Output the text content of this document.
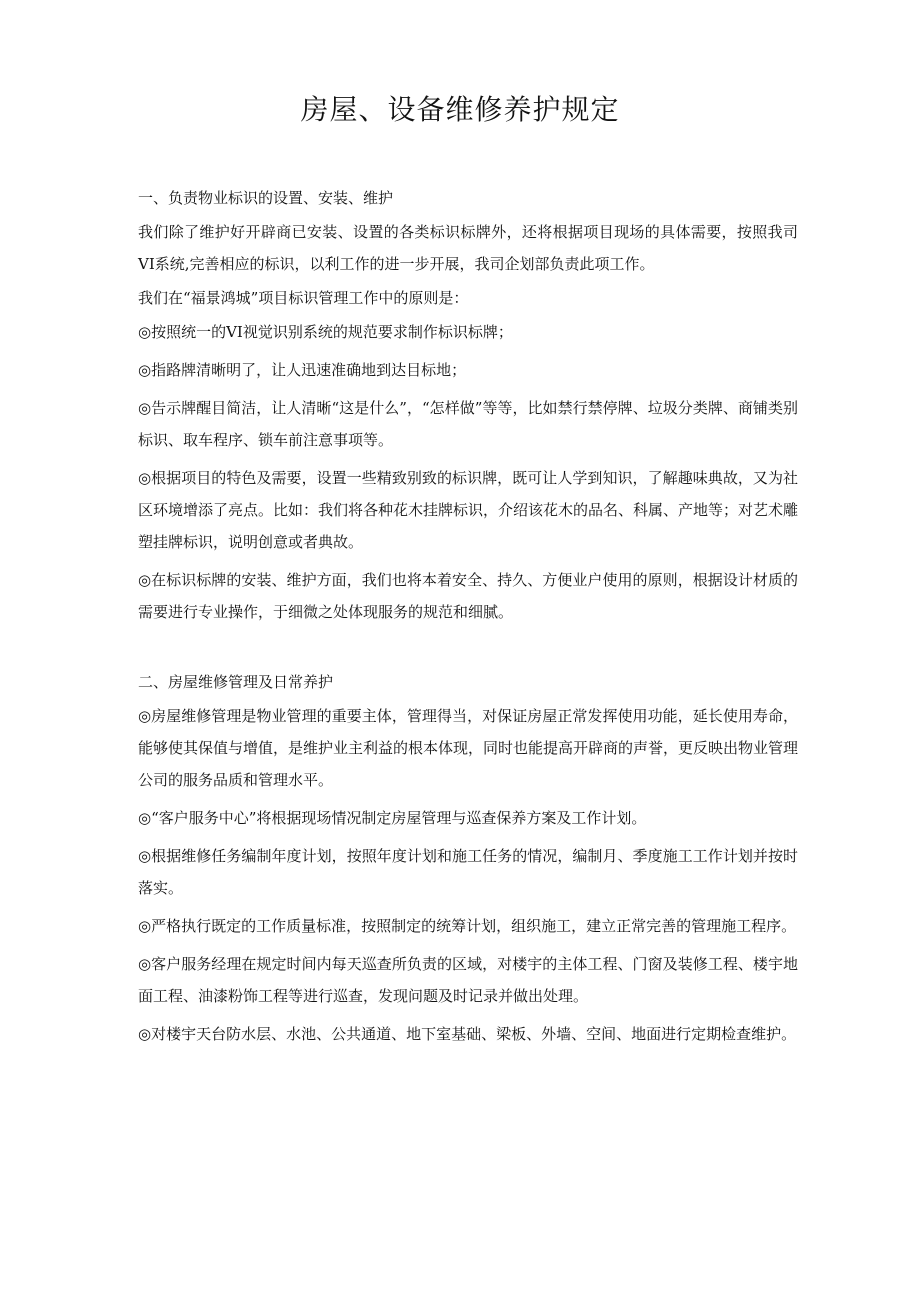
房屋、设备维修养护规定

一、负责物业标识的设置、安装、维护

我们除了维护好开辟商已安装、设置的各类标识标牌外，还将根据项目现场的具体需要，按照我司VI系统,完善相应的标识，以利工作的进一步开展，我司企划部负责此项工作。

我们在“福景鸿城”项目标识管理工作中的原则是：

◎按照统一的VI视觉识别系统的规范要求制作标识标牌；

◎指路牌清晰明了，让人迅速准确地到达目标地；

◎告示牌醒目简洁，让人清晰“这是什么”，“怎样做”等等，比如禁行禁停牌、垃圾分类牌、商铺类别标识、取车程序、锁车前注意事项等。

◎根据项目的特色及需要，设置一些精致别致的标识牌，既可让人学到知识，了解趣味典故，又为社区环境增添了亮点。比如：我们将各种花木挂牌标识，介绍该花木的品名、科属、产地等；对艺术雕塑挂牌标识，说明创意或者典故。

◎在标识标牌的安装、维护方面，我们也将本着安全、持久、方便业户使用的原则，根据设计材质的需要进行专业操作，于细微之处体现服务的规范和细腻。

二、房屋维修管理及日常养护

◎房屋维修管理是物业管理的重要主体，管理得当，对保证房屋正常发挥使用功能，延长使用寿命，能够使其保值与增值，是维护业主利益的根本体现，同时也能提高开辟商的声誉，更反映出物业管理公司的服务品质和管理水平。

◎“客户服务中心”将根据现场情况制定房屋管理与巡查保养方案及工作计划。

◎根据维修任务编制年度计划，按照年度计划和施工任务的情况，编制月、季度施工工作计划并按时落实。

◎严格执行既定的工作质量标准，按照制定的统筹计划，组织施工，建立正常完善的管理施工程序。

◎客户服务经理在规定时间内每天巡查所负责的区域，对楼宇的主体工程、门窗及装修工程、楼宇地面工程、油漆粉饰工程等进行巡查，发现问题及时记录并做出处理。

◎对楼宇天台防水层、水池、公共通道、地下室基础、梁板、外墙、空间、地面进行定期检查维护。
